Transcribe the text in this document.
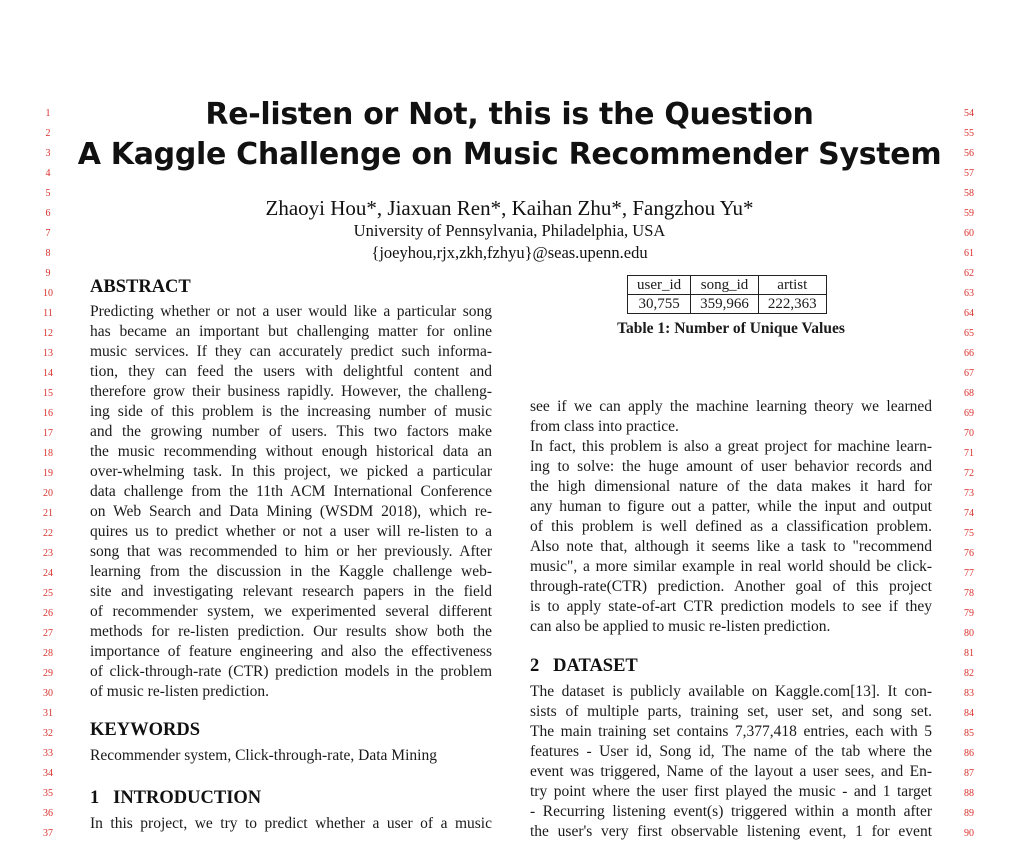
1
2
3
4
5
6
7
8
9
10
11
12
13
14
15
16
17
18
19
20
21
22
23
24
25
26
27
28
29
30
31
32
33
34
35
36
37
54
55
56
57
58
59
60
61
62
63
64
65
66
67
68
69
70
71
72
73
74
75
76
77
78
79
80
81
82
83
84
85
86
87
88
89
90
Re-listen or Not, this is the Question
A Kaggle Challenge on Music Recommender System
Zhaoyi Hou*, Jiaxuan Ren*, Kaihan Zhu*, Fangzhou Yu*
University of Pennsylvania, Philadelphia, USA
{joeyhou,rjx,zkh,fzhyu}@seas.upenn.edu
ABSTRACT
Predicting whether or not a user would like a particular song
has became an important but challenging matter for online
music services. If they can accurately predict such informa-
tion, they can feed the users with delightful content and
therefore grow their business rapidly. However, the challeng-
ing side of this problem is the increasing number of music
and the growing number of users. This two factors make
the music recommending without enough historical data an
over-whelming task. In this project, we picked a particular
data challenge from the 11th ACM International Conference
on Web Search and Data Mining (WSDM 2018), which re-
quires us to predict whether or not a user will re-listen to a
song that was recommended to him or her previously. After
learning from the discussion in the Kaggle challenge web-
site and investigating relevant research papers in the field
of recommender system, we experimented several different
methods for re-listen prediction. Our results show both the
importance of feature engineering and also the effectiveness
of click-through-rate (CTR) prediction models in the problem
of music re-listen prediction.
KEYWORDS
Recommender system, Click-through-rate, Data Mining
1   INTRODUCTION
In this project, we try to predict whether a user of a music
user_id	song_id	artist
30,755	359,966	222,363
Table 1: Number of Unique Values
see if we can apply the machine learning theory we learned
from class into practice.
In fact, this problem is also a great project for machine learn-
ing to solve: the huge amount of user behavior records and
the high dimensional nature of the data makes it hard for
any human to figure out a patter, while the input and output
of this problem is well defined as a classification problem.
Also note that, although it seems like a task to "recommend
music", a more similar example in real world should be click-
through-rate(CTR) prediction. Another goal of this project
is to apply state-of-art CTR prediction models to see if they
can also be applied to music re-listen prediction.
2   DATASET
The dataset is publicly available on Kaggle.com[13]. It con-
sists of multiple parts, training set, user set, and song set.
The main training set contains 7,377,418 entries, each with 5
features - User id, Song id, The name of the tab where the
event was triggered, Name of the layout a user sees, and En-
try point where the user first played the music - and 1 target
- Recurring listening event(s) triggered within a month after
the user's very first observable listening event, 1 for event
